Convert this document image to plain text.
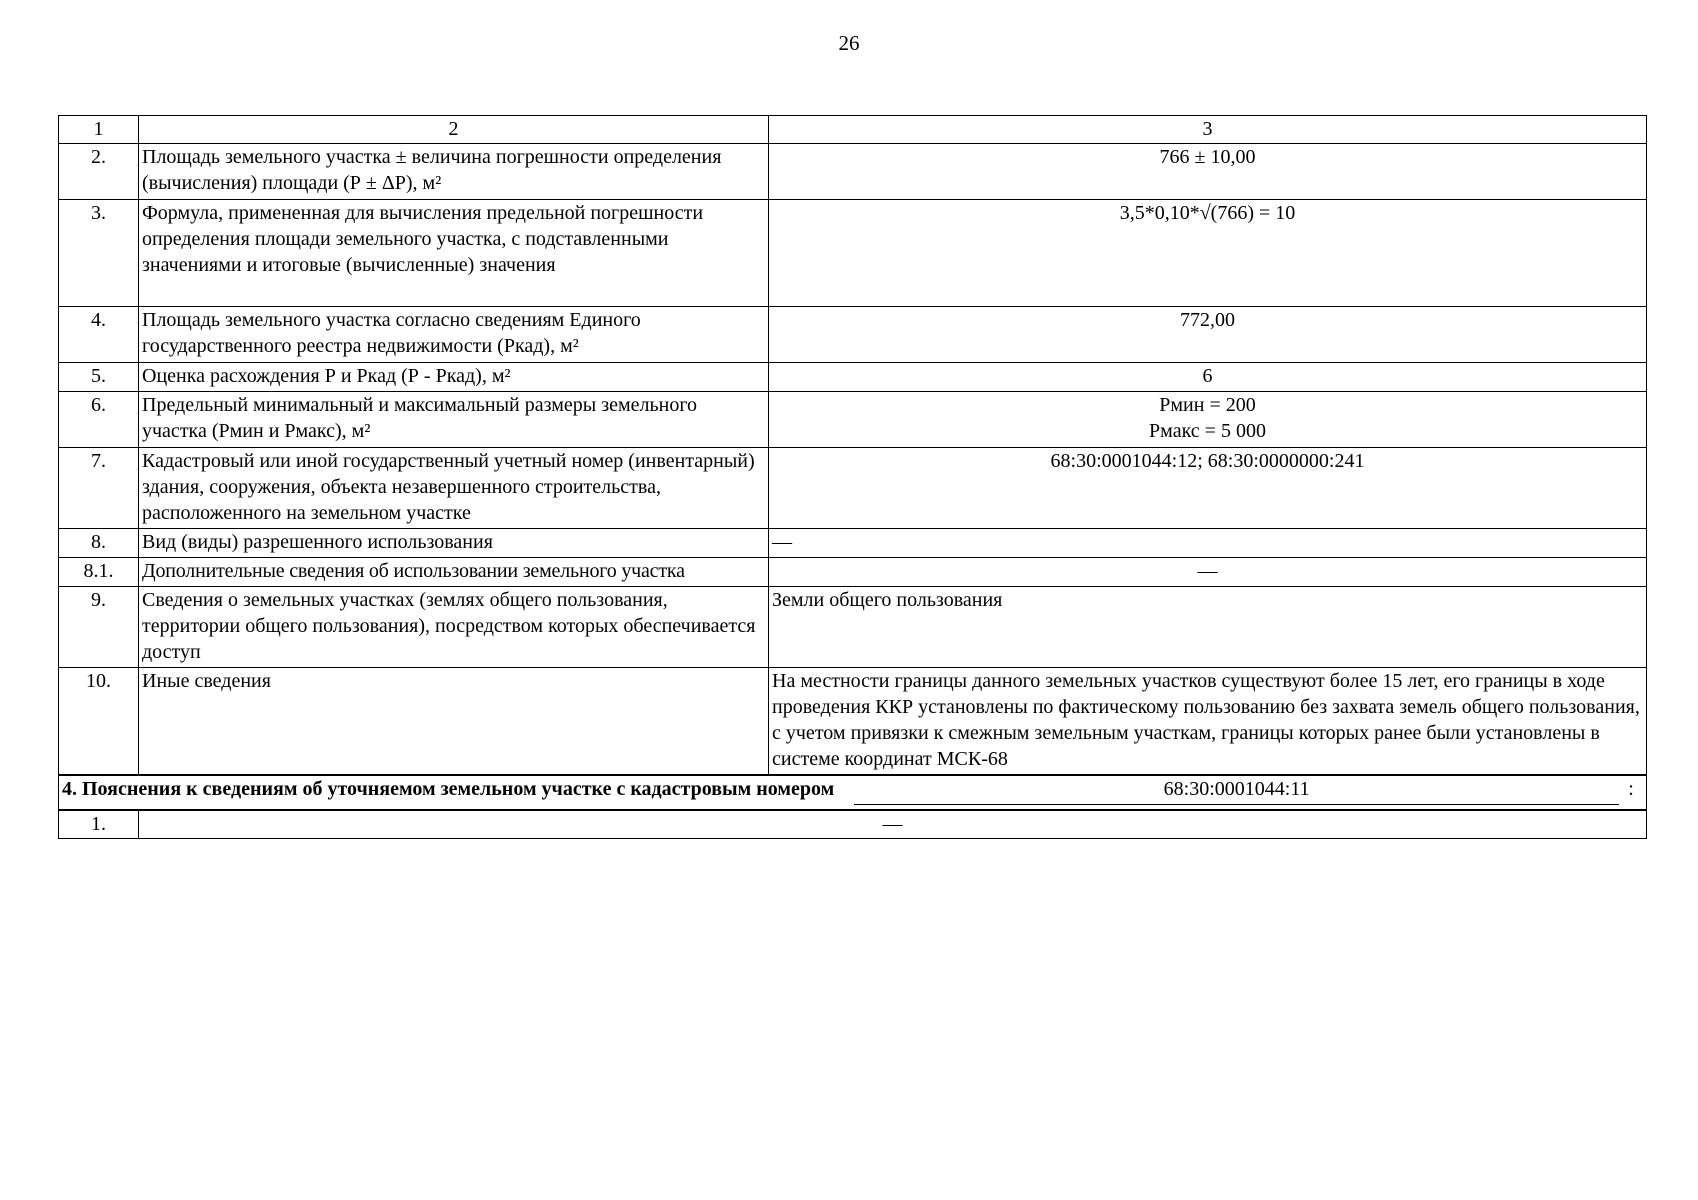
26
1	2	3
2.	Площадь земельного участка ± величина погрешности определения (вычисления) площади (Р ± ΔР), м²	766 ± 10,00

3.	Формула, примененная для вычисления предельной погрешности определения площади земельного участка, с подставленными значениями и итоговые (вычисленные) значения	3,5*0,10*√(766) = 10

4.	Площадь земельного участка согласно сведениям Единого государственного реестра недвижимости (Ркад), м²	772,00

5.	Оценка расхождения Р и Ркад (Р - Ркад), м²	6

6.	Предельный минимальный и максимальный размеры земельного участка (Рмин и Рмакс), м²	Рмин = 200
Рмакс = 5 000

7.	Кадастровый или иной государственный учетный номер (инвентарный) здания, сооружения, объекта незавершенного строительства, расположенного на земельном участке	68:30:0001044:12; 68:30:0000000:241

8.	Вид (виды) разрешенного использования	—

8.1.	Дополнительные сведения об использовании земельного участка	—

9.	Сведения о земельных участках (землях общего пользования, территории общего пользования), посредством которых обеспечивается доступ	Земли общего пользования

10.	Иные сведения	На местности границы данного земельных участков существуют более 15 лет, его границы в ходе проведения ККР установлены по фактическому пользованию без захвата земель общего пользования, с учетом привязки к смежным земельным участкам, границы которых ранее были установлены в системе координат МСК-68

4. Пояснения к сведениям об уточняемом земельном участке с кадастровым номером 68:30:0001044:11 :		

1.	—	
